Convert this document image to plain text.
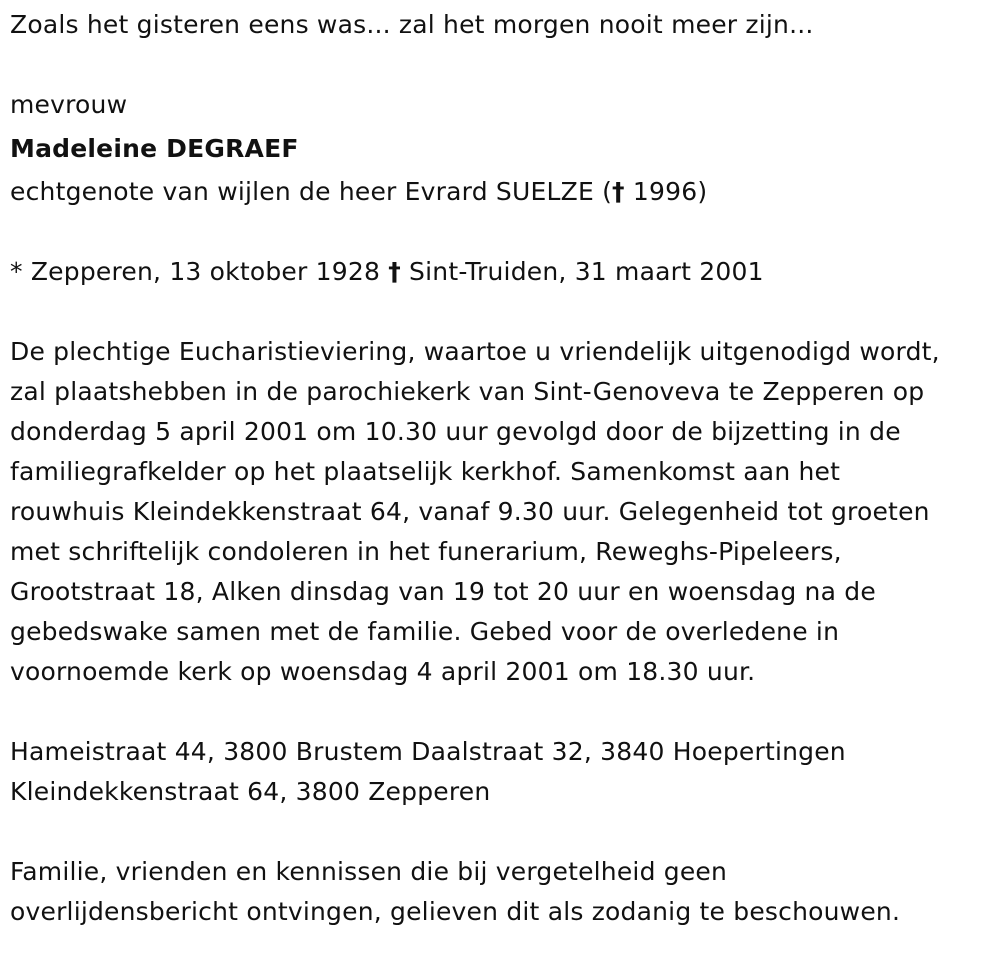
Zoals het gisteren eens was... zal het morgen nooit meer zijn...
mevrouw
Madeleine DEGRAEF
echtgenote van wijlen de heer Evrard SUELZE († 1996)
* Zepperen, 13 oktober 1928 † Sint-Truiden, 31 maart 2001
De plechtige Eucharistieviering, waartoe u vriendelijk uitgenodigd wordt,
zal plaatshebben in de parochiekerk van Sint-Genoveva te Zepperen op
donderdag 5 april 2001 om 10.30 uur gevolgd door de bijzetting in de
familiegrafkelder op het plaatselijk kerkhof. Samenkomst aan het
rouwhuis Kleindekkenstraat 64, vanaf 9.30 uur. Gelegenheid tot groeten
met schriftelijk condoleren in het funerarium, Reweghs-Pipeleers,
Grootstraat 18, Alken dinsdag van 19 tot 20 uur en woensdag na de
gebedswake samen met de familie. Gebed voor de overledene in
voornoemde kerk op woensdag 4 april 2001 om 18.30 uur.
Hameistraat 44, 3800 Brustem Daalstraat 32, 3840 Hoepertingen
Kleindekkenstraat 64, 3800 Zepperen
Familie, vrienden en kennissen die bij vergetelheid geen
overlijdensbericht ontvingen, gelieven dit als zodanig te beschouwen.
